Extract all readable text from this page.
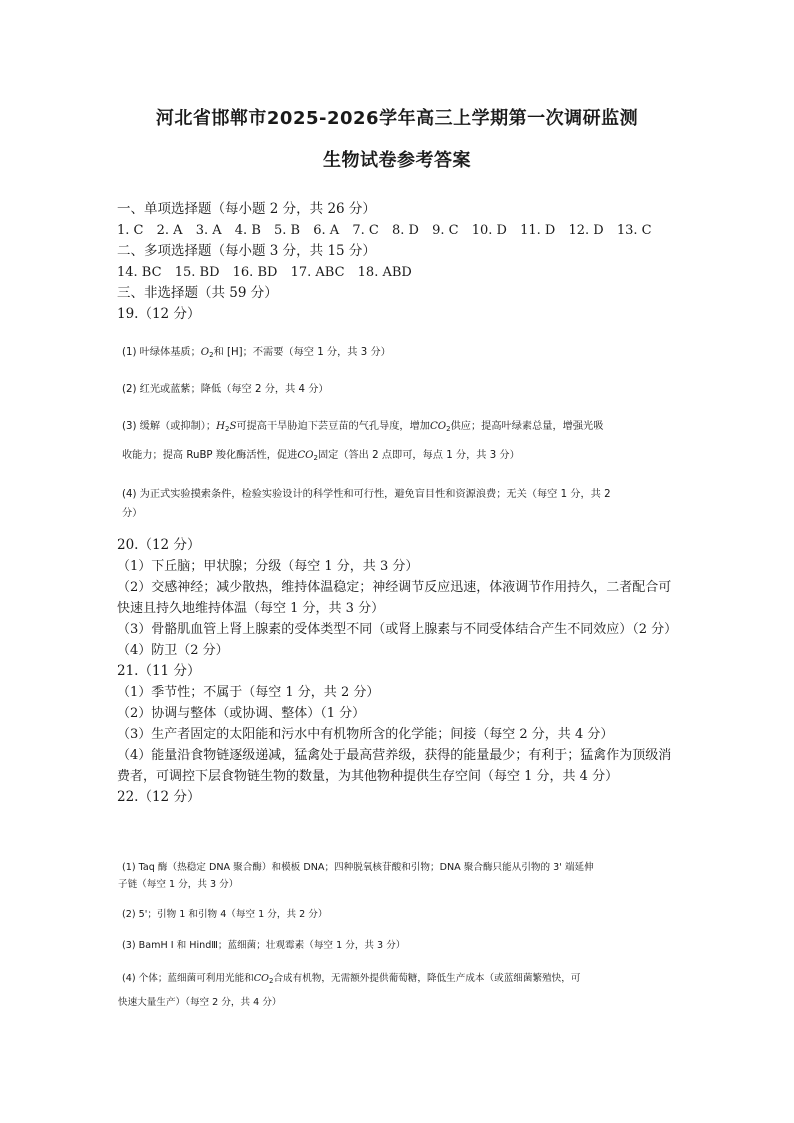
河北省邯郸市2025-2026学年高三上学期第一次调研监测
生物试卷参考答案
一、单项选择题（每小题 2 分，共 26 分）
1. C 2. A 3. A 4. B 5. B 6. A 7. C 8. D 9. C 10. D 11. D 12. D 13. C
二、多项选择题（每小题 3 分，共 15 分）
14. BC 15. BD 16. BD 17. ABC 18. ABD
三、非选择题（共 59 分）
19.（12 分）
(1) 叶绿体基质；$O_2$和 [H]；不需要（每空 1 分，共 3 分）
(2) 红光或蓝紫；降低（每空 2 分，共 4 分）
(3) 缓解（或抑制）；$H_2S$可提高干旱胁迫下芸豆苗的气孔导度，增加$CO_2$供应；提高叶绿素总量，增强光吸
收能力；提高 RuBP 羧化酶活性，促进$CO_2$固定（答出 2 点即可，每点 1 分，共 3 分）
(4) 为正式实验摸索条件，检验实验设计的科学性和可行性，避免盲目性和资源浪费；无关（每空 1 分，共 2
分）
20.（12 分）
（1）下丘脑；甲状腺；分级（每空 1 分，共 3 分）
（2）交感神经；减少散热，维持体温稳定；神经调节反应迅速，体液调节作用持久，二者配合可快速且持久地维持体温（每空 1 分，共 3 分）
（3）骨骼肌血管上肾上腺素的受体类型不同（或肾上腺素与不同受体结合产生不同效应）（2 分）
（4）防卫（2 分）
21.（11 分）
（1）季节性；不属于（每空 1 分，共 2 分）
（2）协调与整体（或协调、整体）（1 分）
（3）生产者固定的太阳能和污水中有机物所含的化学能；间接（每空 2 分，共 4 分）
（4）能量沿食物链逐级递减，猛禽处于最高营养级，获得的能量最少；有利于；猛禽作为顶级消费者，可调控下层食物链生物的数量，为其他物种提供生存空间（每空 1 分，共 4 分）
22.（12 分）
(1) Taq 酶（热稳定 DNA 聚合酶）和模板 DNA；四种脱氧核苷酸和引物；DNA 聚合酶只能从引物的 3' 端延伸
子链（每空 1 分，共 3 分）
(2) 5'；引物 1 和引物 4（每空 1 分，共 2 分）
(3) BamH Ⅰ 和 HindⅢ；蓝细菌；壮观霉素（每空 1 分，共 3 分）
(4) 个体；蓝细菌可利用光能和$CO_2$合成有机物，无需额外提供葡萄糖，降低生产成本（或蓝细菌繁殖快，可
快速大量生产）（每空 2 分，共 4 分）
